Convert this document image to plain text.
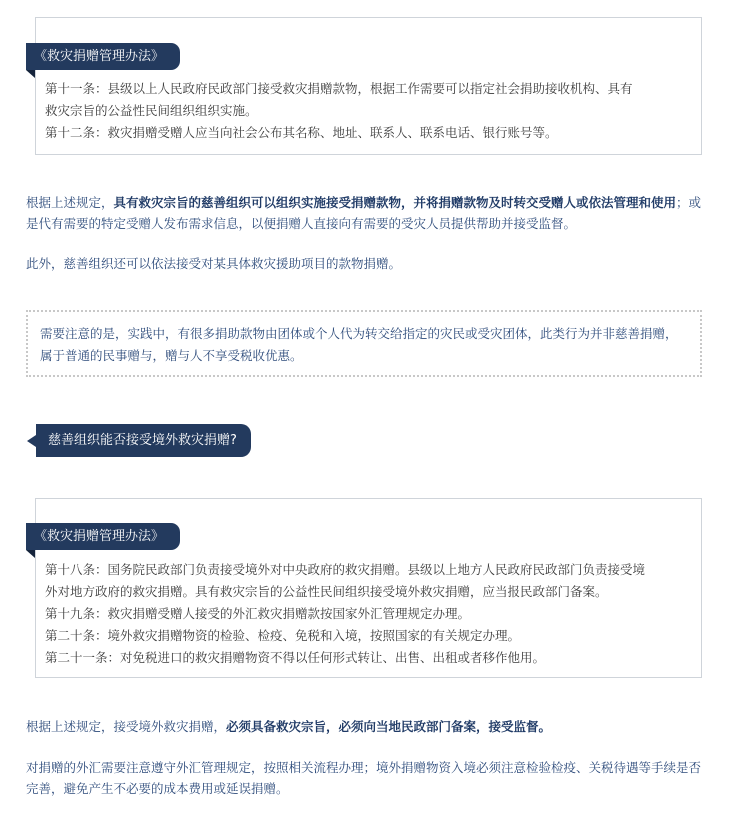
《救灾捐赠管理办法》

第十一条：县级以上人民政府民政部门接受救灾捐赠款物，根据工作需要可以指定社会捐助接收机构、具有

救灾宗旨的公益性民间组织组织实施。

第十二条：救灾捐赠受赠人应当向社会公布其名称、地址、联系人、联系电话、银行账号等。

根据上述规定，具有救灾宗旨的慈善组织可以组织实施接受捐赠款物，并将捐赠款物及时转交受赠人或依法管理和使用；或是代有需要的特定受赠人发布需求信息，以便捐赠人直接向有需要的受灾人员提供帮助并接受监督。
此外，慈善组织还可以依法接受对某具体救灾援助项目的款物捐赠。
需要注意的是，实践中，有很多捐助款物由团体或个人代为转交给指定的灾民或受灾团体，此类行为并非慈善捐赠，属于普通的民事赠与，赠与人不享受税收优惠。
慈善组织能否接受境外救灾捐赠?
《救灾捐赠管理办法》

第十八条：国务院民政部门负责接受境外对中央政府的救灾捐赠。县级以上地方人民政府民政部门负责接受境

外对地方政府的救灾捐赠。具有救灾宗旨的公益性民间组织接受境外救灾捐赠，应当报民政部门备案。

第十九条：救灾捐赠受赠人接受的外汇救灾捐赠款按国家外汇管理规定办理。

第二十条：境外救灾捐赠物资的检验、检疫、免税和入境，按照国家的有关规定办理。

第二十一条：对免税进口的救灾捐赠物资不得以任何形式转让、出售、出租或者移作他用。

根据上述规定，接受境外救灾捐赠，必须具备救灾宗旨，必须向当地民政部门备案，接受监督。
对捐赠的外汇需要注意遵守外汇管理规定，按照相关流程办理；境外捐赠物资入境必须注意检验检疫、关税待遇等手续是否完善，避免产生不必要的成本费用或延误捐赠。
